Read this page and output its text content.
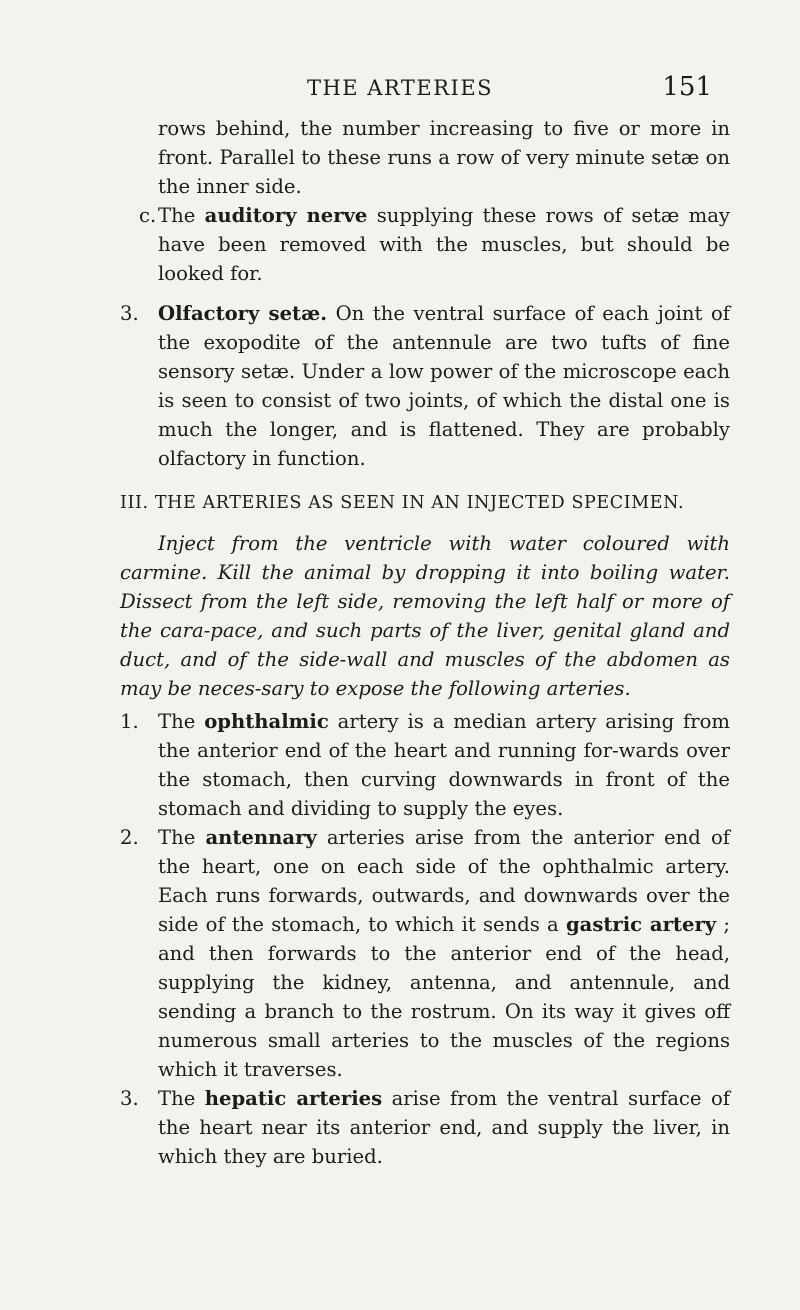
THE ARTERIES	151

rows behind, the number increasing to five or more in front. Parallel to these runs a row of very minute setæ on the inner side.

c. The auditory nerve supplying these rows of setæ may have been removed with the muscles, but should be looked for.

3. Olfactory setæ. On the ventral surface of each joint of the exopodite of the antennule are two tufts of fine sensory setæ. Under a low power of the microscope each is seen to consist of two joints, of which the distal one is much the longer, and is flattened. They are probably olfactory in function.

III. THE ARTERIES AS SEEN IN AN INJECTED SPECIMEN.

Inject from the ventricle with water coloured with carmine. Kill the animal by dropping it into boiling water. Dissect from the left side, removing the left half or more of the cara-pace, and such parts of the liver, genital gland and duct, and of the side-wall and muscles of the abdomen as may be neces-sary to expose the following arteries.

1. The ophthalmic artery is a median artery arising from the anterior end of the heart and running for-wards over the stomach, then curving downwards in front of the stomach and dividing to supply the eyes.

2. The antennary arteries arise from the anterior end of the heart, one on each side of the ophthalmic artery. Each runs forwards, outwards, and downwards over the side of the stomach, to which it sends a gastric artery ; and then forwards to the anterior end of the head, supplying the kidney, antenna, and antennule, and sending a branch to the rostrum. On its way it gives off numerous small arteries to the muscles of the regions which it traverses.

3. The hepatic arteries arise from the ventral surface of the heart near its anterior end, and supply the liver, in which they are buried.
